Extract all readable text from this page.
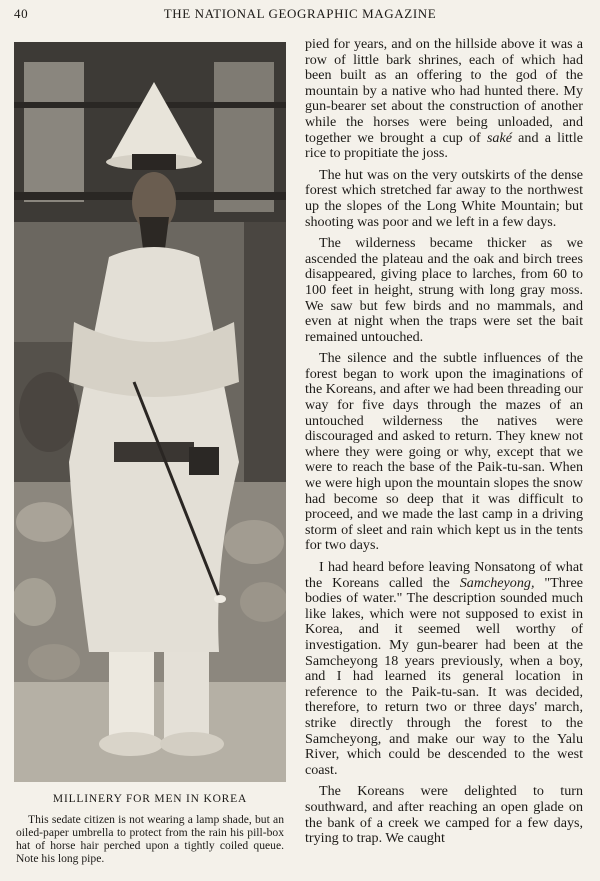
40	THE NATIONAL GEOGRAPHIC MAGAZINE
MILLINERY FOR MEN IN KOREA
This sedate citizen is not wearing a lamp shade, but an oiled-paper umbrella to protect from the rain his pill-box hat of horse hair perched upon a tightly coiled queue. Note his long pipe.

pied for years, and on the hillside above it was a row of little bark shrines, each of which had been built as an offering to the god of the mountain by a native who had hunted there. My gun-bearer set about the construction of another while the horses were being unloaded, and together we brought a cup of saké and a little rice to propitiate the joss.

The hut was on the very outskirts of the dense forest which stretched far away to the northwest up the slopes of the Long White Mountain; but shooting was poor and we left in a few days.

The wilderness became thicker as we ascended the plateau and the oak and birch trees disappeared, giving place to larches, from 60 to 100 feet in height, strung with long gray moss. We saw but few birds and no mammals, and even at night when the traps were set the bait remained untouched.

The silence and the subtle influences of the forest began to work upon the imaginations of the Koreans, and after we had been threading our way for five days through the mazes of an untouched wilderness the natives were discouraged and asked to return. They knew not where they were going or why, except that we were to reach the base of the Paik-tu-san. When we were high upon the mountain slopes the snow had become so deep that it was difficult to proceed, and we made the last camp in a driving storm of sleet and rain which kept us in the tents for two days.

I had heard before leaving Nonsatong of what the Koreans called the Samcheyong, "Three bodies of water." The description sounded much like lakes, which were not supposed to exist in Korea, and it seemed well worthy of investigation. My gun-bearer had been at the Samcheyong 18 years previously, when a boy, and I had learned its general location in reference to the Paik-tu-san. It was decided, therefore, to return two or three days' march, strike directly through the forest to the Samcheyong, and make our way to the Yalu River, which could be descended to the west coast.

The Koreans were delighted to turn southward, and after reaching an open glade on the bank of a creek we camped for a few days, trying to trap. We caught
